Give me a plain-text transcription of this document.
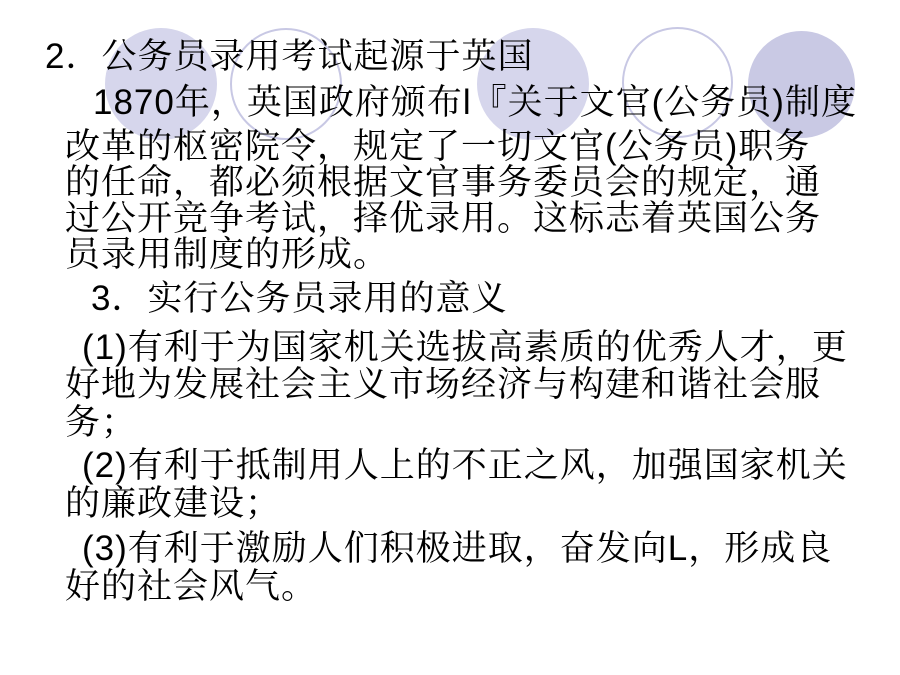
2．公务员录用考试起源于英国
1870年，英国政府颁布l『关于文官(公务员)制度
改革的枢密院令，规定了一切文官(公务员)职务
的任命，都必须根据文官事务委员会的规定，通
过公开竞争考试，择优录用。这标志着英国公务
员录用制度的形成。
3．实行公务员录用的意义
(1)有利于为国家机关选拔高素质的优秀人才，更
好地为发展社会主义市场经济与构建和谐社会服
务；
(2)有利于抵制用人上的不正之风，加强国家机关
的廉政建设；
(3)有利于激励人们积极进取，奋发向L，形成良
好的社会风气。
